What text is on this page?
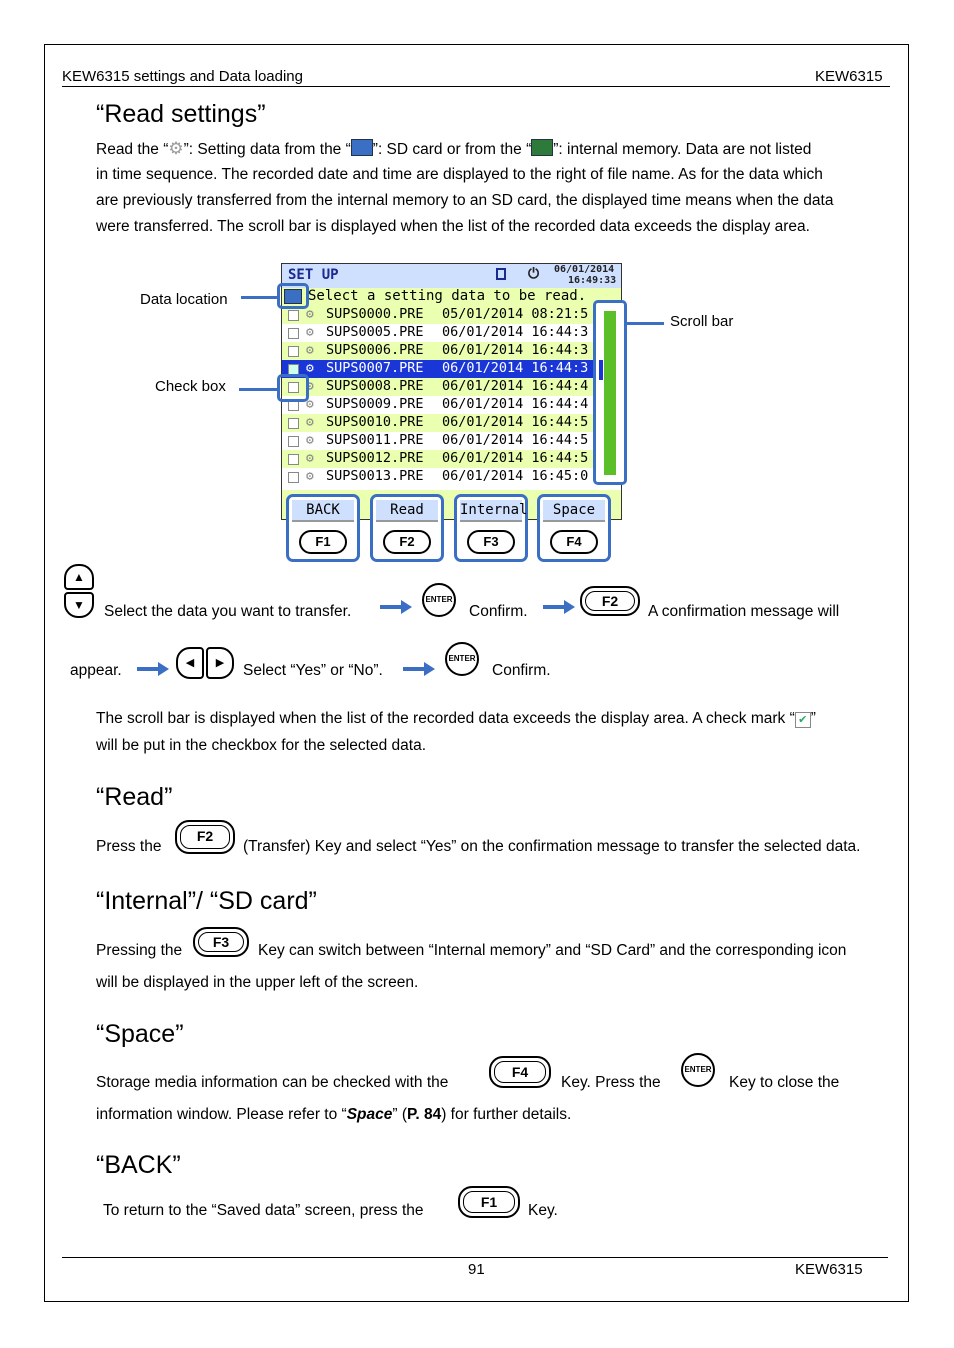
KEW6315 settings and Data loading	KEW6315
“Read settings”
Read the “⚙”: Setting data from the “ ”: SD card or from the “ ”: internal memory. Data are not listed
in time sequence. The recorded date and time are displayed to the right of file name. As for the data which
are previously transferred from the internal memory to an SD card, the displayed time means when the data
were transferred. The scroll bar is displayed when the list of the recorded data exceeds the display area.
SET UP	⏻ 06/01/2014
16:49:33
Select a setting data to be read.
⚙ SUPS0000.PRE 05/01/2014 08:21:5
⚙ SUPS0005.PRE 06/01/2014 16:44:3
⚙ SUPS0006.PRE 06/01/2014 16:44:3
⚙ SUPS0007.PRE 06/01/2014 16:44:3
⚙ SUPS0008.PRE 06/01/2014 16:44:4
⚙ SUPS0009.PRE 06/01/2014 16:44:4
⚙ SUPS0010.PRE 06/01/2014 16:44:5
⚙ SUPS0011.PRE 06/01/2014 16:44:5
⚙ SUPS0012.PRE 06/01/2014 16:44:5
⚙ SUPS0013.PRE 06/01/2014 16:45:0
Data location
Check box
Scroll bar
BACK
F1
Read
F2
Internal
F3
Space
F4
▲
▼	Select the data you want to transfer.
ENTER
Confirm.
F2
A confirmation message will
appear.	◀	▶	Select “Yes” or “No”.
ENTER
Confirm.
The scroll bar is displayed when the list of the recorded data exceeds the display area. A check mark “ ✔ ”
will be put in the checkbox for the selected data.
“Read”
Press the
F2
(Transfer) Key and select “Yes” on the confirmation message to transfer the selected data.
“Internal”/ “SD card”
Pressing the	F3	Key can switch between “Internal memory” and “SD Card” and the corresponding icon
will be displayed in the upper left of the screen.
“Space”
Storage media information can be checked with the
F4
Key. Press the
ENTER
Key to close the
information window. Please refer to “Space” (P. 84) for further details.
“BACK”
To return to the “Saved data” screen, press the	F1	Key.
91	KEW6315
